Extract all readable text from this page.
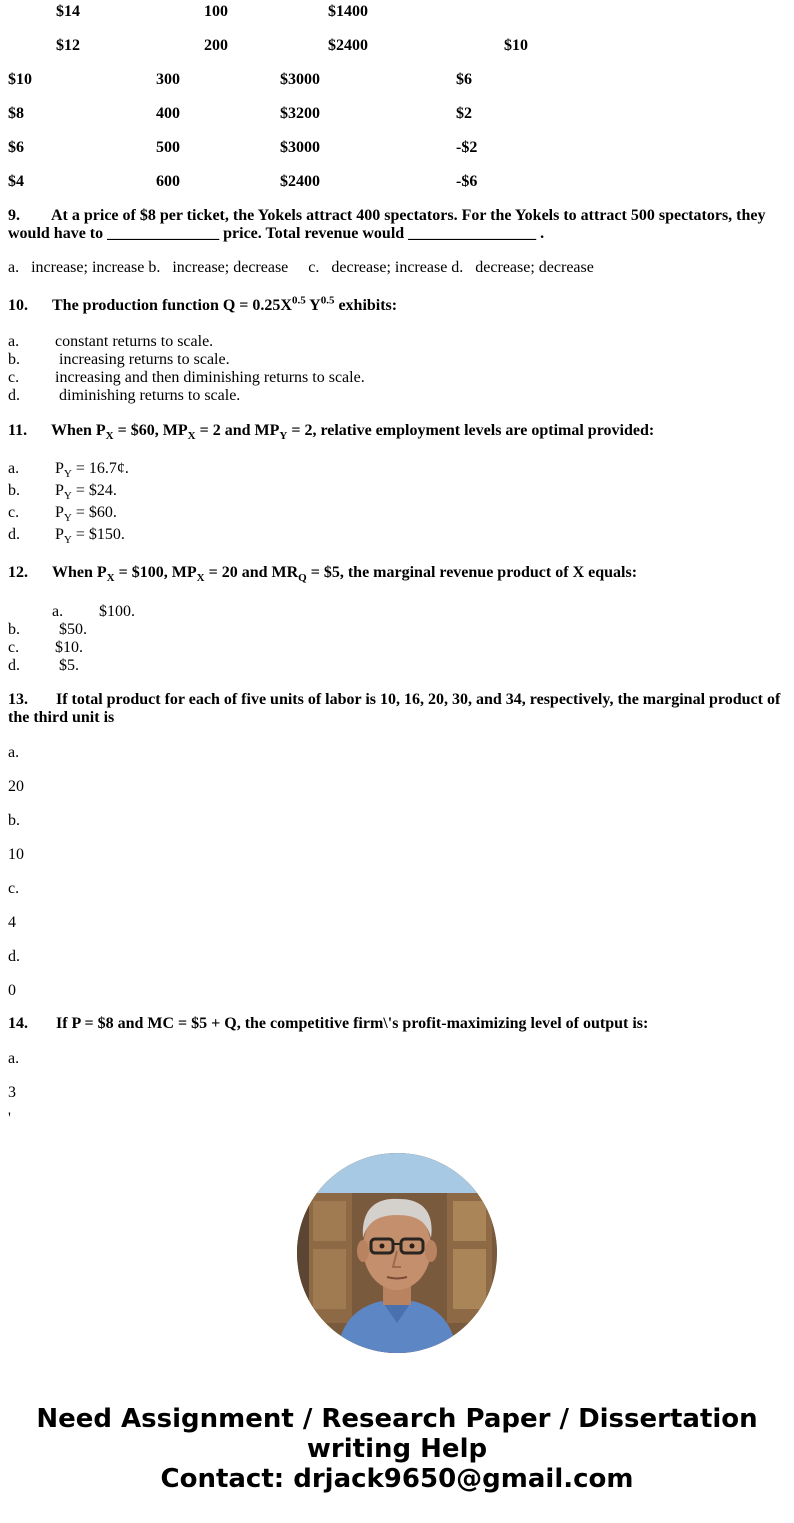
$14	100	$1400
$12	200	$2400	$10
$10	300	$3000	$6
$8	400	$3200	$2
$6	500	$3000	-$2
$4	600	$2400	-$6
9. At a price of $8 per ticket, the Yokels attract 400 spectators. For the Yokels to attract 500 spectators, they would have to ______________ price. Total revenue would ________________ .
a.   increase; increase b.   increase; decrease     c.   decrease; increase d.   decrease; decrease
10. The production function $Q = 0.25X^{0.5}$ $Y^{0.5}$ exhibits:
a. constant returns to scale.
b. increasing returns to scale.
c. increasing and then diminishing returns to scale.
d. diminishing returns to scale.
11. When $P_X$ = $60, $MP_X = 2$ and $MP_Y = 2$, relative employment levels are optimal provided:
a. $P_Y$ = 16.7¢.
b. $P_Y$ = $24.
c. $P_Y$ = $60.
d. $P_Y$ = $150.
12. When $P_X$ = $100, $MP_X = 20$ and $MR_Q$ = $5, the marginal revenue product of X equals:
a. $100.
b. $50.
c. $10.
d. $5.
13. If total product for each of five units of labor is 10, 16, 20, 30, and 34, respectively, the marginal product of the third unit is
a.
20
b.
10
c.
4
d.
0
14. If P = $8 and MC = $5 + Q, the competitive firm\'s profit-maximizing level of output is:
a.
3
'
Need Assignment / Research Paper / Dissertation
writing Help
Contact: drjack9650@gmail.com
